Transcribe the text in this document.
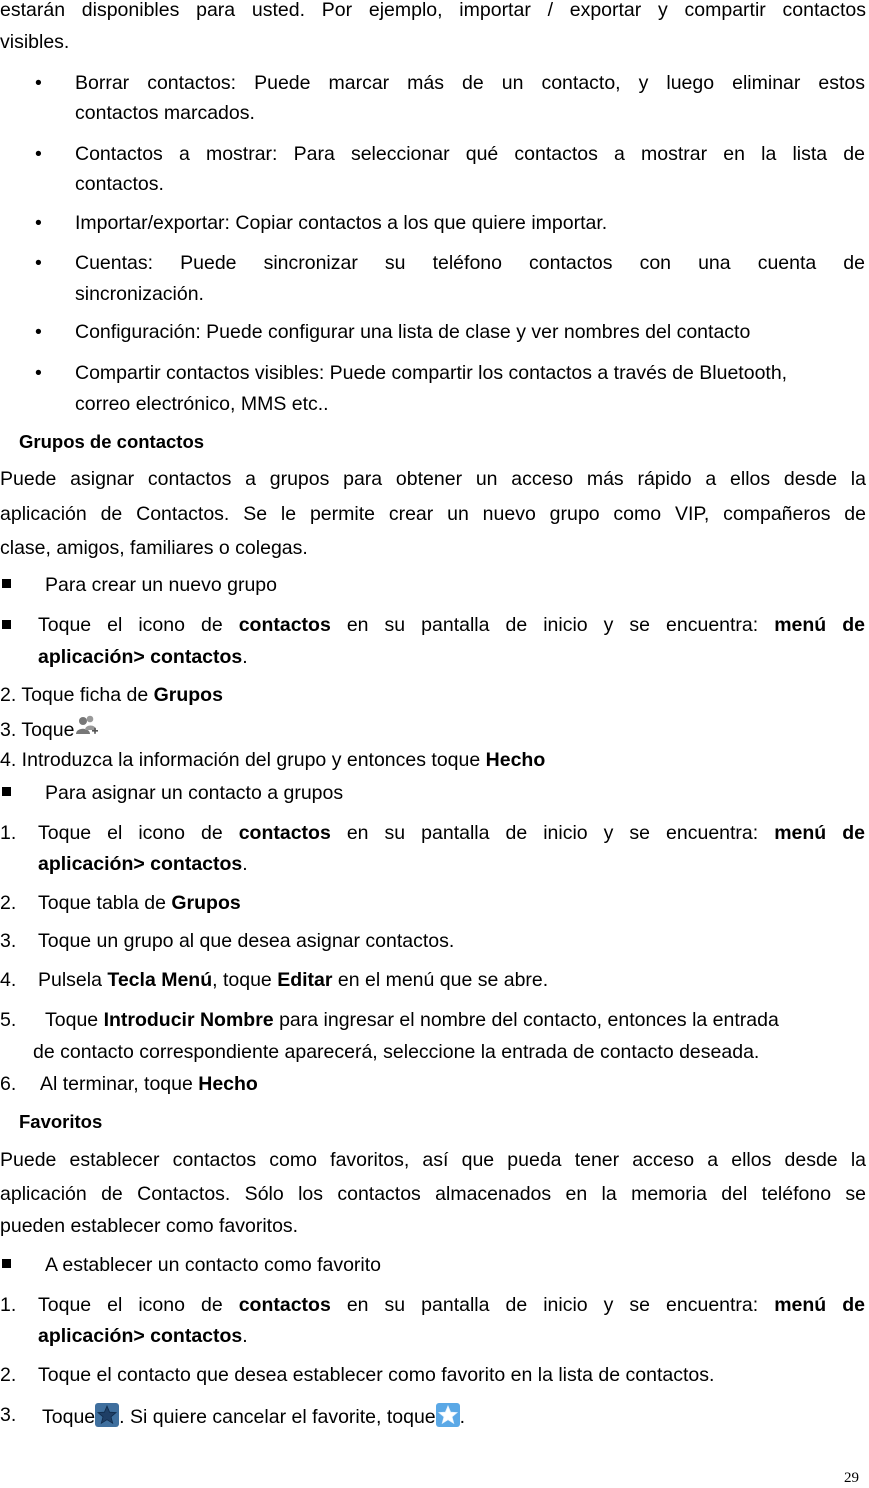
estarán disponibles para usted. Por ejemplo, importar / exportar y compartir contactos
visibles.
• Borrar contactos: Puede marcar más de un contacto, y luego eliminar estos
contactos marcados.
• Contactos a mostrar: Para seleccionar qué contactos a mostrar en la lista de
contactos.
• Importar/exportar: Copiar contactos a los que quiere importar.
• Cuentas: Puede sincronizar su teléfono contactos con una cuenta de
sincronización.
• Configuración: Puede configurar una lista de clase y ver nombres del contacto
• Compartir contactos visibles: Puede compartir los contactos a través de Bluetooth,
correo electrónico, MMS etc..
Grupos de contactos
Puede asignar contactos a grupos para obtener un acceso más rápido a ellos desde la
aplicación de Contactos. Se le permite crear un nuevo grupo como VIP, compañeros de
clase, amigos, familiares o colegas.
Para crear un nuevo grupo
Toque el icono de contactos en su pantalla de inicio y se encuentra: menú de
aplicación> contactos.
2. Toque ficha de Grupos
3. Toque
4. Introduzca la información del grupo y entonces toque Hecho
Para asignar un contacto a grupos
1. Toque el icono de contactos en su pantalla de inicio y se encuentra: menú de
aplicación> contactos.
2. Toque tabla de Grupos
3. Toque un grupo al que desea asignar contactos.
4. Pulsela Tecla Menú, toque Editar en el menú que se abre.
5. Toque Introducir Nombre para ingresar el nombre del contacto, entonces la entrada
de contacto correspondiente aparecerá, seleccione la entrada de contacto deseada.
6. Al terminar, toque Hecho
Favoritos
Puede establecer contactos como favoritos, así que pueda tener acceso a ellos desde la
aplicación de Contactos. Sólo los contactos almacenados en la memoria del teléfono se
pueden establecer como favoritos.
A establecer un contacto como favorito
1. Toque el icono de contactos en su pantalla de inicio y se encuentra: menú de
aplicación> contactos.
2. Toque el contacto que desea establecer como favorito en la lista de contactos.
3. Toque . Si quiere cancelar el favorite, toque .
29
